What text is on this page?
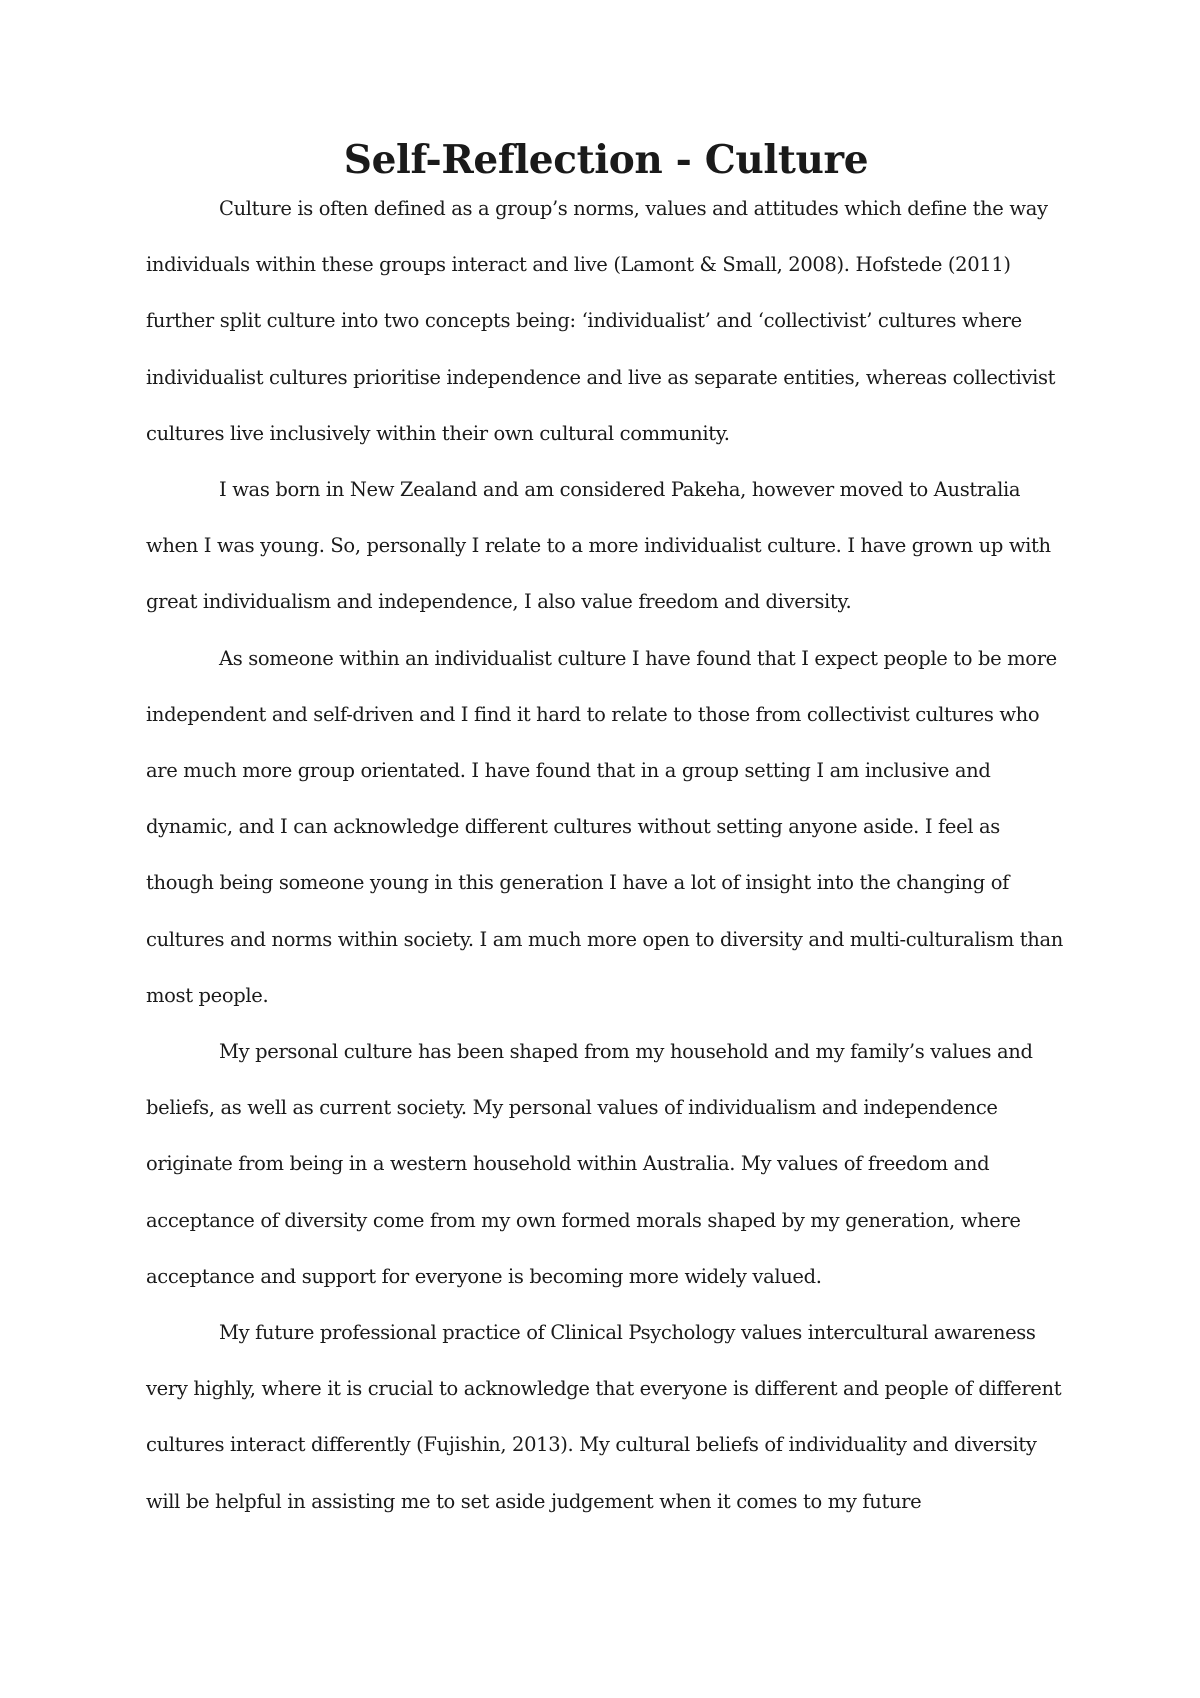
Self-Reflection - Culture

Culture is often defined as a group’s norms, values and attitudes which define the way individuals within these groups interact and live (Lamont & Small, 2008). Hofstede (2011) further split culture into two concepts being: ‘individualist’ and ‘collectivist’ cultures where individualist cultures prioritise independence and live as separate entities, whereas collectivist cultures live inclusively within their own cultural community.

I was born in New Zealand and am considered Pakeha, however moved to Australia when I was young. So, personally I relate to a more individualist culture. I have grown up with great individualism and independence, I also value freedom and diversity.

As someone within an individualist culture I have found that I expect people to be more independent and self-driven and I find it hard to relate to those from collectivist cultures who are much more group orientated. I have found that in a group setting I am inclusive and dynamic, and I can acknowledge different cultures without setting anyone aside. I feel as though being someone young in this generation I have a lot of insight into the changing of cultures and norms within society. I am much more open to diversity and multi-culturalism than most people.

My personal culture has been shaped from my household and my family’s values and beliefs, as well as current society. My personal values of individualism and independence originate from being in a western household within Australia. My values of freedom and acceptance of diversity come from my own formed morals shaped by my generation, where acceptance and support for everyone is becoming more widely valued.

My future professional practice of Clinical Psychology values intercultural awareness very highly, where it is crucial to acknowledge that everyone is different and people of different cultures interact differently (Fujishin, 2013). My cultural beliefs of individuality and diversity will be helpful in assisting me to set aside judgement when it comes to my future
